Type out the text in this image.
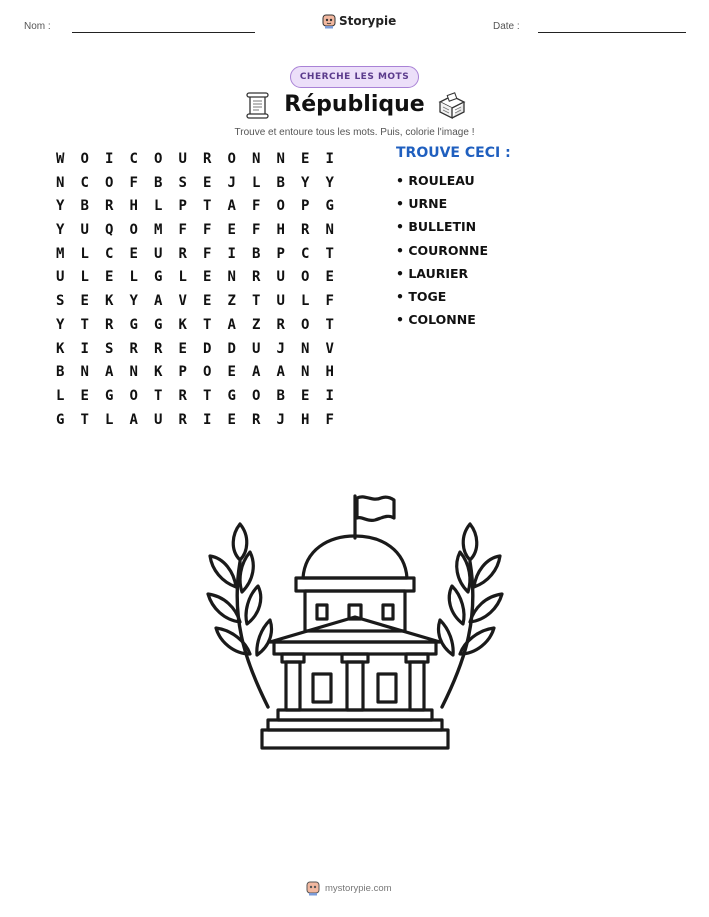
Nom :	Storypie	Date :
CHERCHE LES MOTS
République
Trouve et entoure tous les mots. Puis, colorie l'image !
W	O	I	C	O	U	R	O	N	N	E	I
N	C	O	F	B	S	E	J	L	B	Y	Y
Y	B	R	H	L	P	T	A	F	O	P	G
Y	U	Q	O	M	F	F	E	F	H	R	N
M	L	C	E	U	R	F	I	B	P	C	T
U	L	E	L	G	L	E	N	R	U	O	E
S	E	K	Y	A	V	E	Z	T	U	L	F
Y	T	R	G	G	K	T	A	Z	R	O	T
K	I	S	R	R	E	D	D	U	J	N	V
B	N	A	N	K	P	O	E	A	A	N	H
L	E	G	O	T	R	T	G	O	B	E	I
G	T	L	A	U	R	I	E	R	J	H	F
TROUVE CECI :
• ROULEAU
• URNE
• BULLETIN
• COURONNE
• LAURIER
• TOGE
• COLONNE
mystorypie.com
